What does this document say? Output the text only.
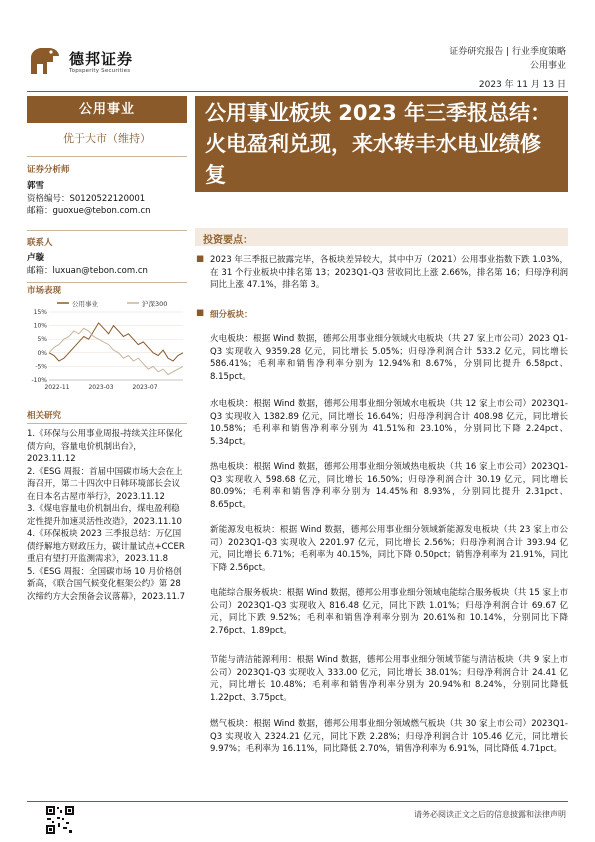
德邦证券
Topsperity Securities
证券研究报告 | 行业季度策略
公用事业
2023 年 11 月 13 日
公用事业
优于大市（维持）
证券分析师
郭雪
资格编号：S0120522120001
邮箱：guoxue@tebon.com.cn
联系人
卢璇
邮箱：luxuan@tebon.com.cn
市场表现
公用事业	沪深300
15%
10%
5%
0%
-5%
-10%
2022-11	2023-03	2023-07
相关研究
1.《环保与公用事业周报-持续关注环保化债方向，容量电价机制出台》，2023.11.12
2.《ESG 周报：首届中国碳市场大会在上海召开，第二十四次中日韩环境部长会议在日本名古屋市举行》，2023.11.12
3.《煤电容量电价机制出台，煤电盈利稳定性提升加速灵活性改造》，2023.11.10
4.《环保板块 2023 三季报总结：万亿国债纾解地方财政压力，碳计量试点+CCER 重启有望打开监测需求》，2023.11.8
5.《ESG 周报：全国碳市场 10 月价格创新高，《联合国气候变化框架公约》第 28 次缔约方大会预备会议落幕》，2023.11.7
公用事业板块 2023 年三季报总结：火电盈利兑现，来水转丰水电业绩修复
投资要点：
■ 2023 年三季报已披露完毕，各板块差异较大，其中中万（2021）公用事业指数下跌 1.03%，在 31 个行业板块中排名第 13；2023Q1-Q3 营收同比上涨 2.66%，排名第 16；归母净利润同比上涨 47.1%，排名第 3。
■ 细分板块：
火电板块：根据 Wind 数据，德邦公用事业细分领域火电板块（共 27 家上市公司）2023 Q1-Q3 实现收入 9359.28 亿元，同比增长 5.05%；归母净利润合计 533.2 亿元，同比增长 586.41%；毛利率和销售净利率分别为 12.94%和 8.67%，分别同比提升 6.58pct、8.15pct。
水电板块：根据 Wind 数据，德邦公用事业细分领域水电板块（共 12 家上市公司）2023Q1-Q3 实现收入 1382.89 亿元，同比增长 16.64%；归母净利润合计 408.98 亿元，同比增长 10.58%；毛利率和销售净利率分别为 41.51%和 23.10%，分别同比下降 2.24pct、5.34pct。
热电板块：根据 Wind 数据，德邦公用事业细分领域热电板块（共 16 家上市公司）2023Q1-Q3 实现收入 598.68 亿元，同比增长 16.50%；归母净利润合计 30.19 亿元，同比增长 80.09%；毛利率和销售净利率分别为 14.45%和 8.93%，分别同比提升 2.31pct、8.65pct。
新能源发电板块：根据 Wind 数据，德邦公用事业细分领域新能源发电板块（共 23 家上市公司）2023Q1-Q3 实现收入 2201.97 亿元，同比增长 2.56%；归母净利润合计 393.94 亿元，同比增长 6.71%；毛利率为 40.15%，同比下降 0.50pct；销售净利率为 21.91%，同比下降 2.56pct。
电能综合服务板块：根据 Wind 数据，德邦公用事业细分领域电能综合服务板块（共 15 家上市公司）2023Q1-Q3 实现收入 816.48 亿元，同比下跌 1.01%；归母净利润合计 69.67 亿元，同比下跌 9.52%；毛利率和销售净利率分别为 20.61%和 10.14%，分别同比下降 2.76pct、1.89pct。
节能与清洁能源利用：根据 Wind 数据，德邦公用事业细分领域节能与清洁板块（共 9 家上市公司）2023Q1-Q3 实现收入 333.00 亿元，同比增长 38.01%；归母净利润合计 24.41 亿元，同比增长 10.48%；毛利率和销售净利率分别为 20.94%和 8.24%，分别同比降低 1.22pct、3.75pct。
燃气板块：根据 Wind 数据，德邦公用事业细分领域燃气板块（共 30 家上市公司）2023Q1-Q3 实现收入 2324.21 亿元，同比下跌 2.28%；归母净利润合计 105.46 亿元，同比增长 9.97%；毛利率为 16.11%，同比降低 2.70%，销售净利率为 6.91%，同比降低 4.71pct。
请务必阅读正文之后的信息披露和法律声明
